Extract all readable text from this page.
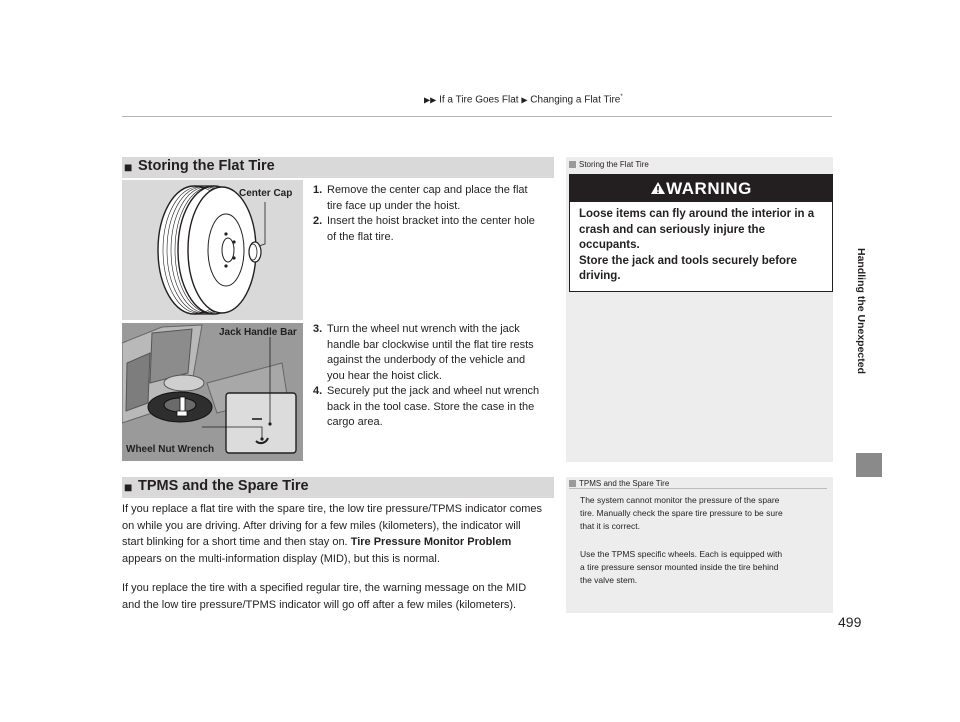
▶▶ If a Tire Goes Flat ▶ Changing a Flat Tire*
Handling the Unexpected
■ Storing the Flat Tire
Center Cap
Jack Handle Bar
Wheel Nut Wrench
1. Remove the center cap and place the flat
tire face up under the hoist.
2. Insert the hoist bracket into the center hole
of the flat tire.
3. Turn the wheel nut wrench with the jack
handle bar clockwise until the flat tire rests
against the underbody of the vehicle and
you hear the hoist click.
4. Securely put the jack and wheel nut wrench
back in the tool case. Store the case in the
cargo area.
■ TPMS and the Spare Tire
If you replace a flat tire with the spare tire, the low tire pressure/TPMS indicator comes
on while you are driving. After driving for a few miles (kilometers), the indicator will
start blinking for a short time and then stay on. Tire Pressure Monitor Problem
appears on the multi-information display (MID), but this is normal.
If you replace the tire with a specified regular tire, the warning message on the MID
and the low tire pressure/TPMS indicator will go off after a few miles (kilometers).
Storing the Flat Tire
WARNING
Loose items can fly around the interior in a
crash and can seriously injure the
occupants.
Store the jack and tools securely before
driving.
TPMS and the Spare Tire
The system cannot monitor the pressure of the spare
tire. Manually check the spare tire pressure to be sure
that it is correct.
Use the TPMS specific wheels. Each is equipped with
a tire pressure sensor mounted inside the tire behind
the valve stem.
499
